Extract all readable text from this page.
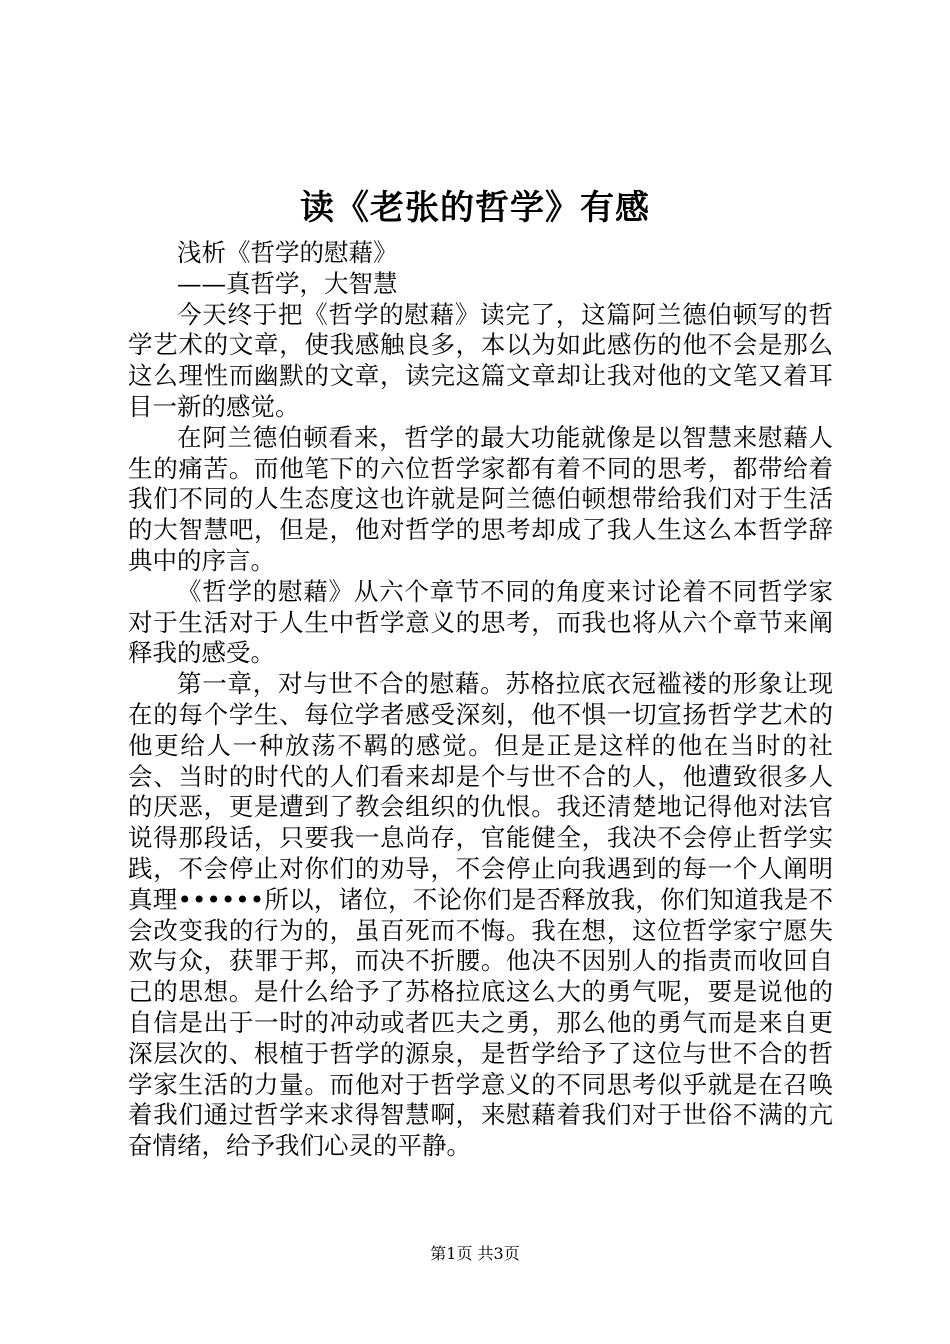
读《老张的哲学》有感

浅析《哲学的慰藉》

——真哲学，大智慧

今天终于把《哲学的慰藉》读完了，这篇阿兰德伯顿写的哲学艺术的文章，使我感触良多，本以为如此感伤的他不会是那么这么理性而幽默的文章，读完这篇文章却让我对他的文笔又着耳目一新的感觉。

在阿兰德伯顿看来，哲学的最大功能就像是以智慧来慰藉人生的痛苦。而他笔下的六位哲学家都有着不同的思考，都带给着我们不同的人生态度这也许就是阿兰德伯顿想带给我们对于生活的大智慧吧，但是，他对哲学的思考却成了我人生这么本哲学辞典中的序言。

《哲学的慰藉》从六个章节不同的角度来讨论着不同哲学家对于生活对于人生中哲学意义的思考，而我也将从六个章节来阐释我的感受。

第一章，对与世不合的慰藉。苏格拉底衣冠褴褛的形象让现在的每个学生、每位学者感受深刻，他不惧一切宣扬哲学艺术的他更给人一种放荡不羁的感觉。但是正是这样的他在当时的社会、当时的时代的人们看来却是个与世不合的人，他遭致很多人的厌恶，更是遭到了教会组织的仇恨。我还清楚地记得他对法官说得那段话，只要我一息尚存，官能健全，我决不会停止哲学实践，不会停止对你们的劝导，不会停止向我遇到的每一个人阐明真理••••••所以，诸位，不论你们是否释放我，你们知道我是不会改变我的行为的，虽百死而不悔。我在想，这位哲学家宁愿失欢与众，获罪于邦，而决不折腰。他决不因别人的指责而收回自己的思想。是什么给予了苏格拉底这么大的勇气呢，要是说他的自信是出于一时的冲动或者匹夫之勇，那么他的勇气而是来自更深层次的、根植于哲学的源泉，是哲学给予了这位与世不合的哲学家生活的力量。而他对于哲学意义的不同思考似乎就是在召唤着我们通过哲学来求得智慧啊，来慰藉着我们对于世俗不满的亢奋情绪，给予我们心灵的平静。

第1页 共3页
